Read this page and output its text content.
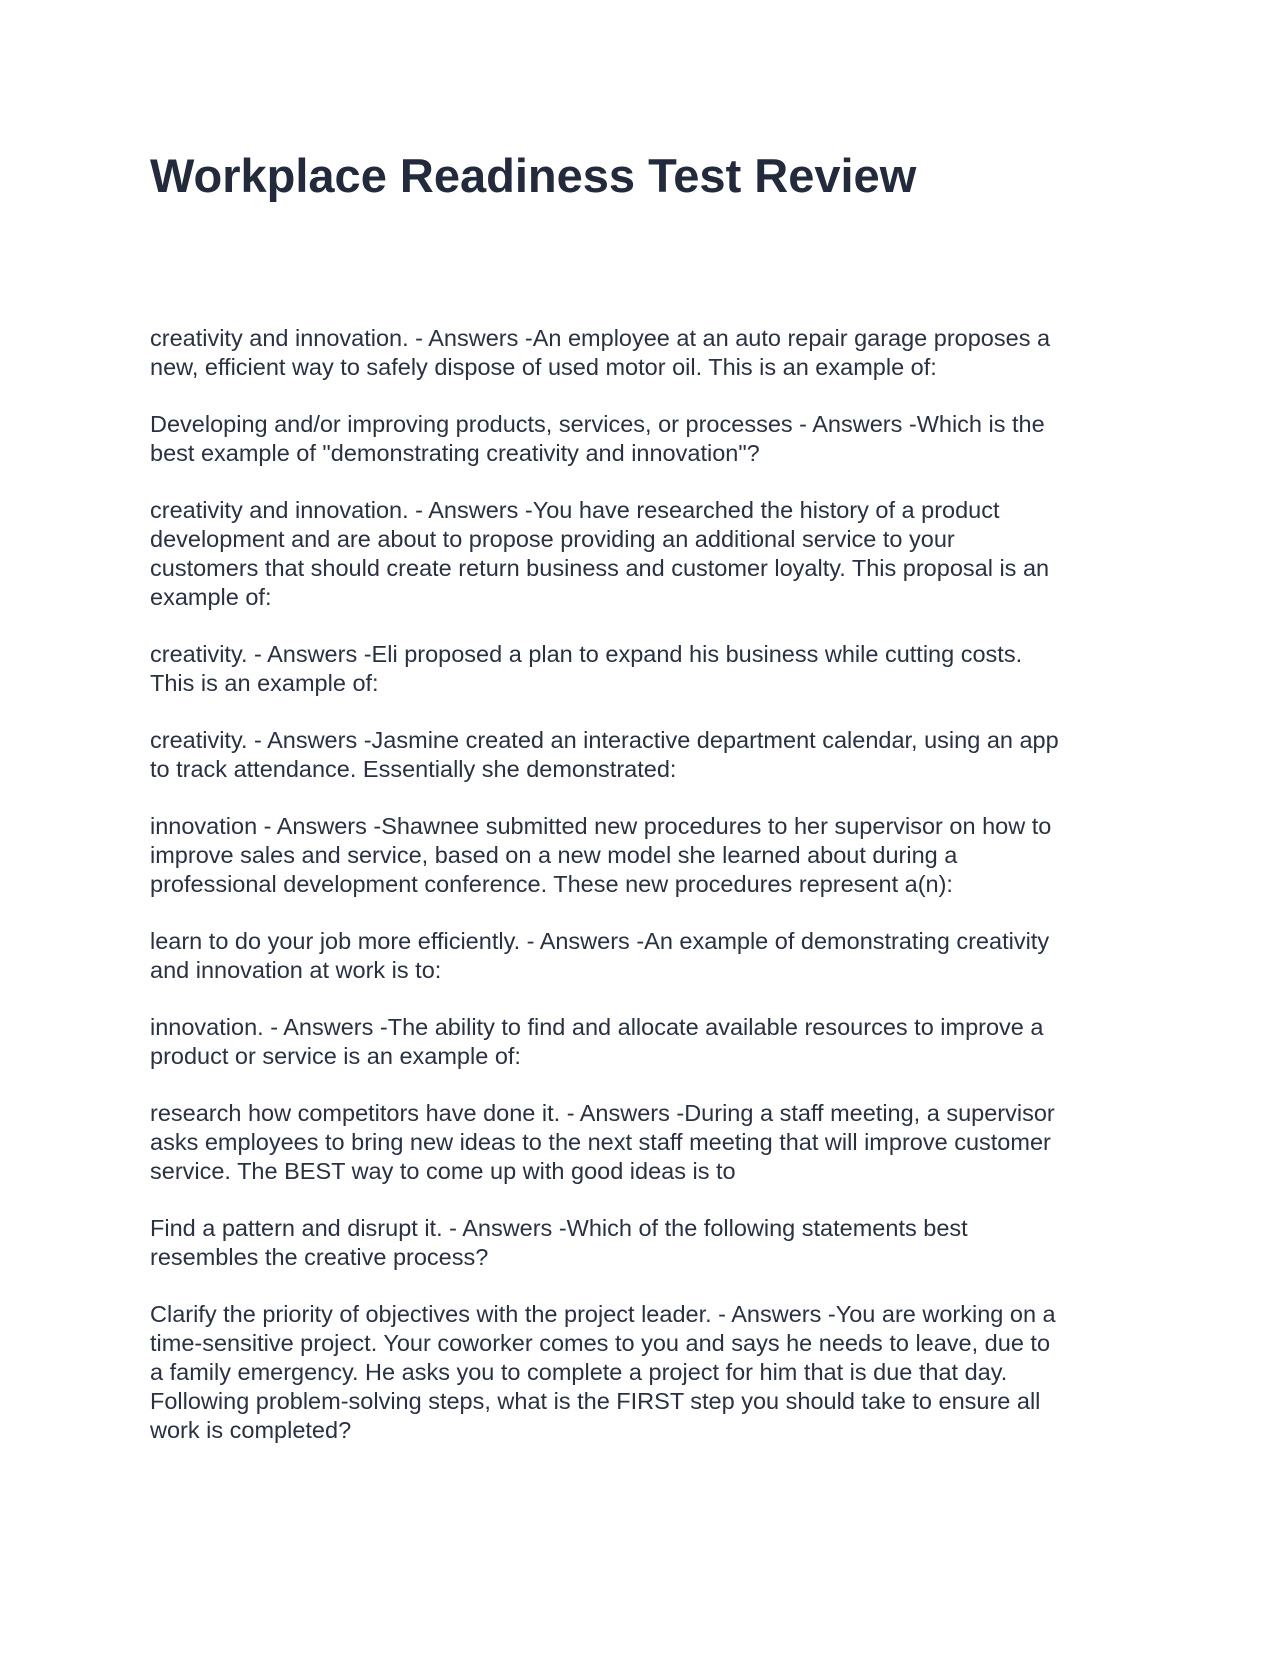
Workplace Readiness Test Review

creativity and innovation. - Answers -An employee at an auto repair garage proposes a
new, efficient way to safely dispose of used motor oil. This is an example of:

Developing and/or improving products, services, or processes - Answers -Which is the
best example of "demonstrating creativity and innovation"?

creativity and innovation. - Answers -You have researched the history of a product
development and are about to propose providing an additional service to your
customers that should create return business and customer loyalty. This proposal is an
example of:

creativity. - Answers -Eli proposed a plan to expand his business while cutting costs.
This is an example of:

creativity. - Answers -Jasmine created an interactive department calendar, using an app
to track attendance. Essentially she demonstrated:

innovation - Answers -Shawnee submitted new procedures to her supervisor on how to
improve sales and service, based on a new model she learned about during a
professional development conference. These new procedures represent a(n):

learn to do your job more efficiently. - Answers -An example of demonstrating creativity
and innovation at work is to:

innovation. - Answers -The ability to find and allocate available resources to improve a
product or service is an example of:

research how competitors have done it. - Answers -During a staff meeting, a supervisor
asks employees to bring new ideas to the next staff meeting that will improve customer
service. The BEST way to come up with good ideas is to

Find a pattern and disrupt it. - Answers -Which of the following statements best
resembles the creative process?

Clarify the priority of objectives with the project leader. - Answers -You are working on a
time-sensitive project. Your coworker comes to you and says he needs to leave, due to
a family emergency. He asks you to complete a project for him that is due that day.
Following problem-solving steps, what is the FIRST step you should take to ensure all
work is completed?
